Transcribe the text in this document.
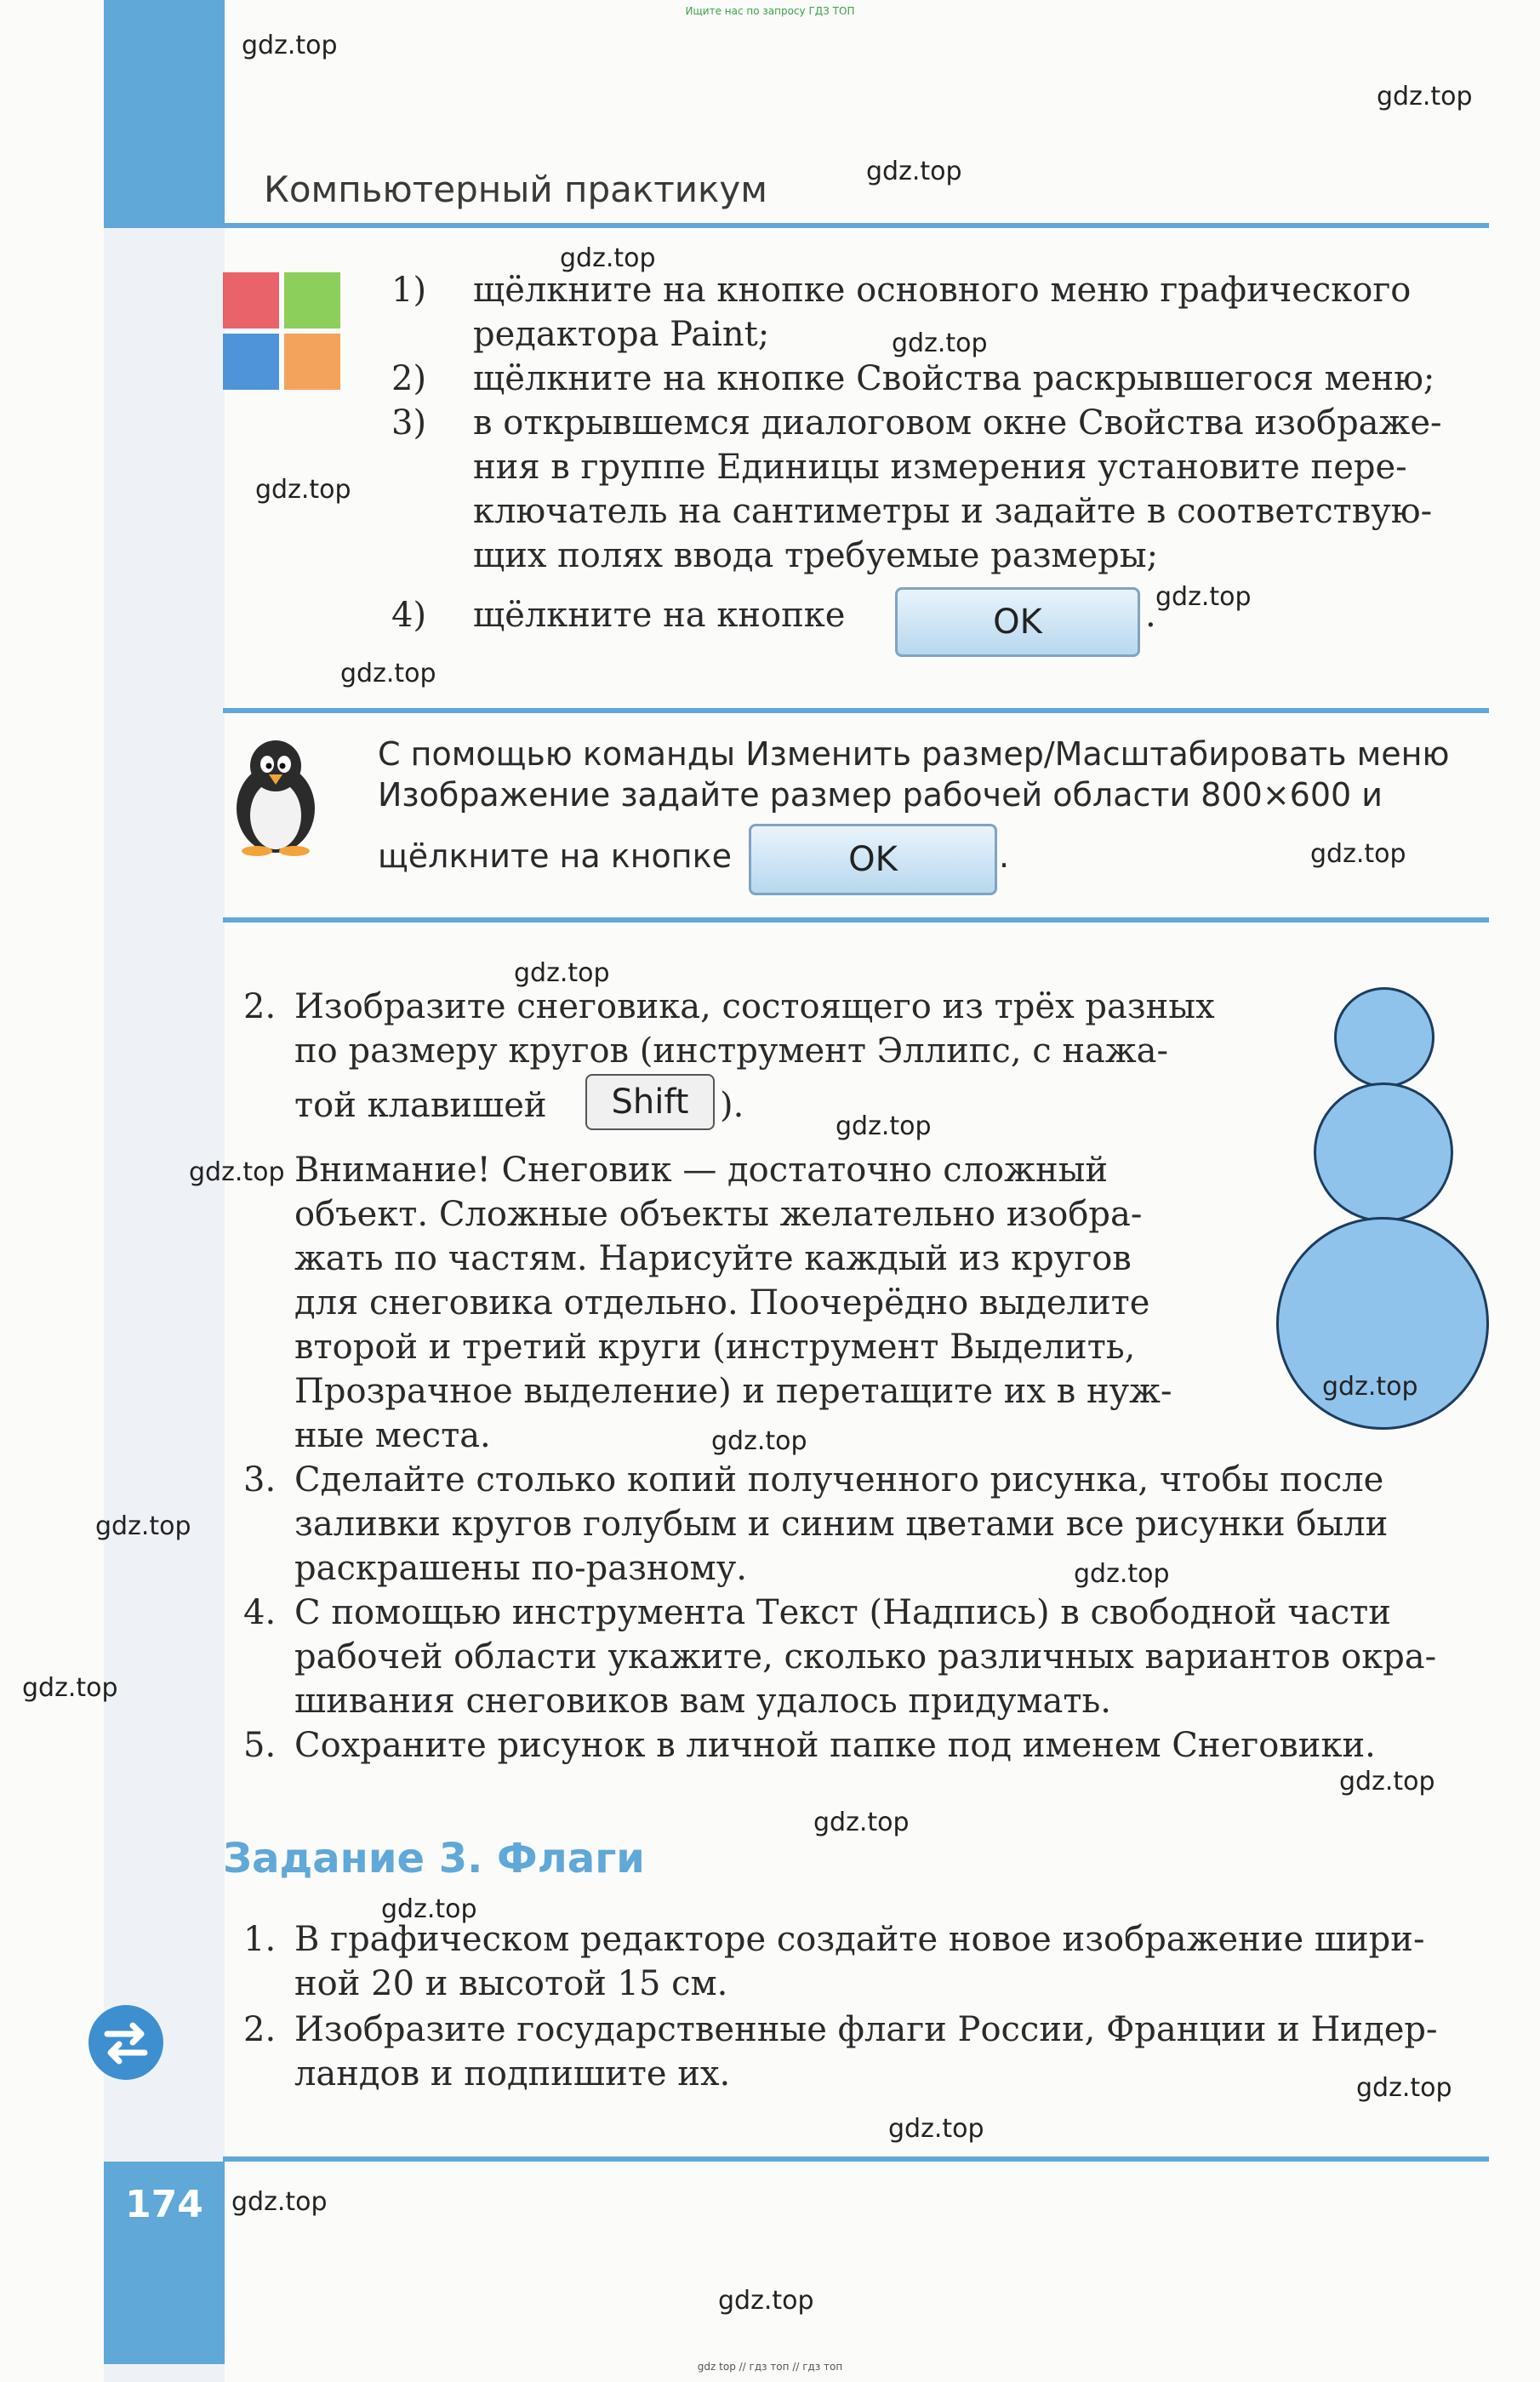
174
Ищите нас по запросу ГДЗ ТОП
gdz top // гдз топ // гдз топ
Компьютерный практикум
1) щёлкните на кнопке основного меню графического
редактора Paint;
2) щёлкните на кнопке Свойства раскрывшегося меню;
3) в открывшемся диалоговом окне Свойства изображе-
ния в группе Единицы измерения установите пере-
ключатель на сантиметры и задайте в соответствую-
щих полях ввода требуемые размеры;
4) щёлкните на кнопке	OK	.
С помощью команды Изменить размер/Масштабировать меню
Изображение задайте размер рабочей области 800×600 и
щёлкните на кнопке	OK	.
2. Изобразите снеговика, состоящего из трёх разных
по размеру кругов (инструмент Эллипс, с нажа-
той клавишей	Shift ).
Внимание! Снеговик — достаточно сложный
объект. Сложные объекты желательно изобра-
жать по частям. Нарисуйте каждый из кругов
для снеговика отдельно. Поочерёдно выделите
второй и третий круги (инструмент Выделить,
Прозрачное выделение) и перетащите их в нуж-
ные места.
3. Сделайте столько копий полученного рисунка, чтобы после
заливки кругов голубым и синим цветами все рисунки были
раскрашены по-разному.
4. С помощью инструмента Текст (Надпись) в свободной части
рабочей области укажите, сколько различных вариантов окра-
шивания снеговиков вам удалось придумать.
5. Сохраните рисунок в личной папке под именем Снеговики.
Задание 3. Флаги
1. В графическом редакторе создайте новое изображение шири-
ной 20 и высотой 15 см.
2. Изобразите государственные флаги России, Франции и Нидер-
ландов и подпишите их.
gdz.top
gdz.top
gdz.top
gdz.top
gdz.top
gdz.top
gdz.top
gdz.top
gdz.top
gdz.top
gdz.top
gdz.top
gdz.top
gdz.top
gdz.top
gdz.top
gdz.top
gdz.top
gdz.top
gdz.top
gdz.top
gdz.top
gdz.top
gdz.top
